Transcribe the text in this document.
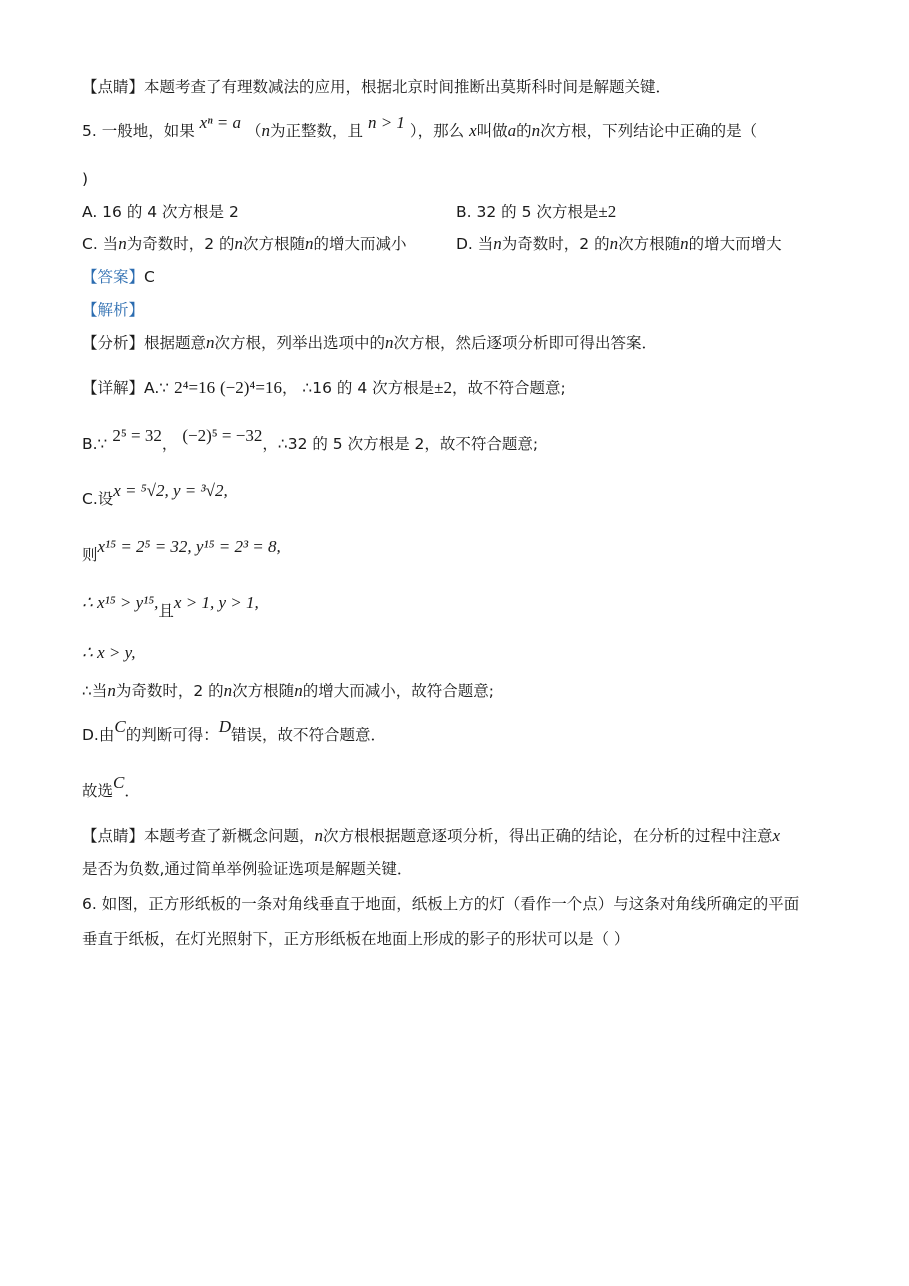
【点睛】本题考查了有理数减法的应用，根据北京时间推断出莫斯科时间是解题关键．
5. 一般地，如果 xⁿ = a （n为正整数，且 n > 1 ），那么 x叫做a的n次方根，下列结论中正确的是（
)
A. 16 的 4 次方根是 2	B. 32 的 5 次方根是±2
C. 当n为奇数时，2 的n次方根随n的增大而减小	D. 当n为奇数时，2 的n次方根随n的增大而增大
【答案】C
【解析】
【分析】根据题意n次方根，列举出选项中的n次方根，然后逐项分析即可得出答案．
【详解】A.∵ 2⁴=16 (−2)⁴=16， ∴16 的 4 次方根是±2，故不符合题意;
B.∵ 2⁵ = 32， (−2)⁵ = −32，∴32 的 5 次方根是 2，故不符合题意;
C.设x = ⁵√2, y = ³√2,
则x¹⁵ = 2⁵ = 32, y¹⁵ = 2³ = 8,
∴ x¹⁵ > y¹⁵,且x > 1, y > 1,
∴ x > y,
∴当n为奇数时，2 的n次方根随n的增大而减小，故符合题意;
D.由C的判断可得：D错误，故不符合题意．
故选C．
【点睛】本题考查了新概念问题，n次方根根据题意逐项分析，得出正确的结论，在分析的过程中注意x
是否为负数,通过简单举例验证选项是解题关键．
6. 如图，正方形纸板的一条对角线垂直于地面，纸板上方的灯（看作一个点）与这条对角线所确定的平面
垂直于纸板，在灯光照射下，正方形纸板在地面上形成的影子的形状可以是（ ）
